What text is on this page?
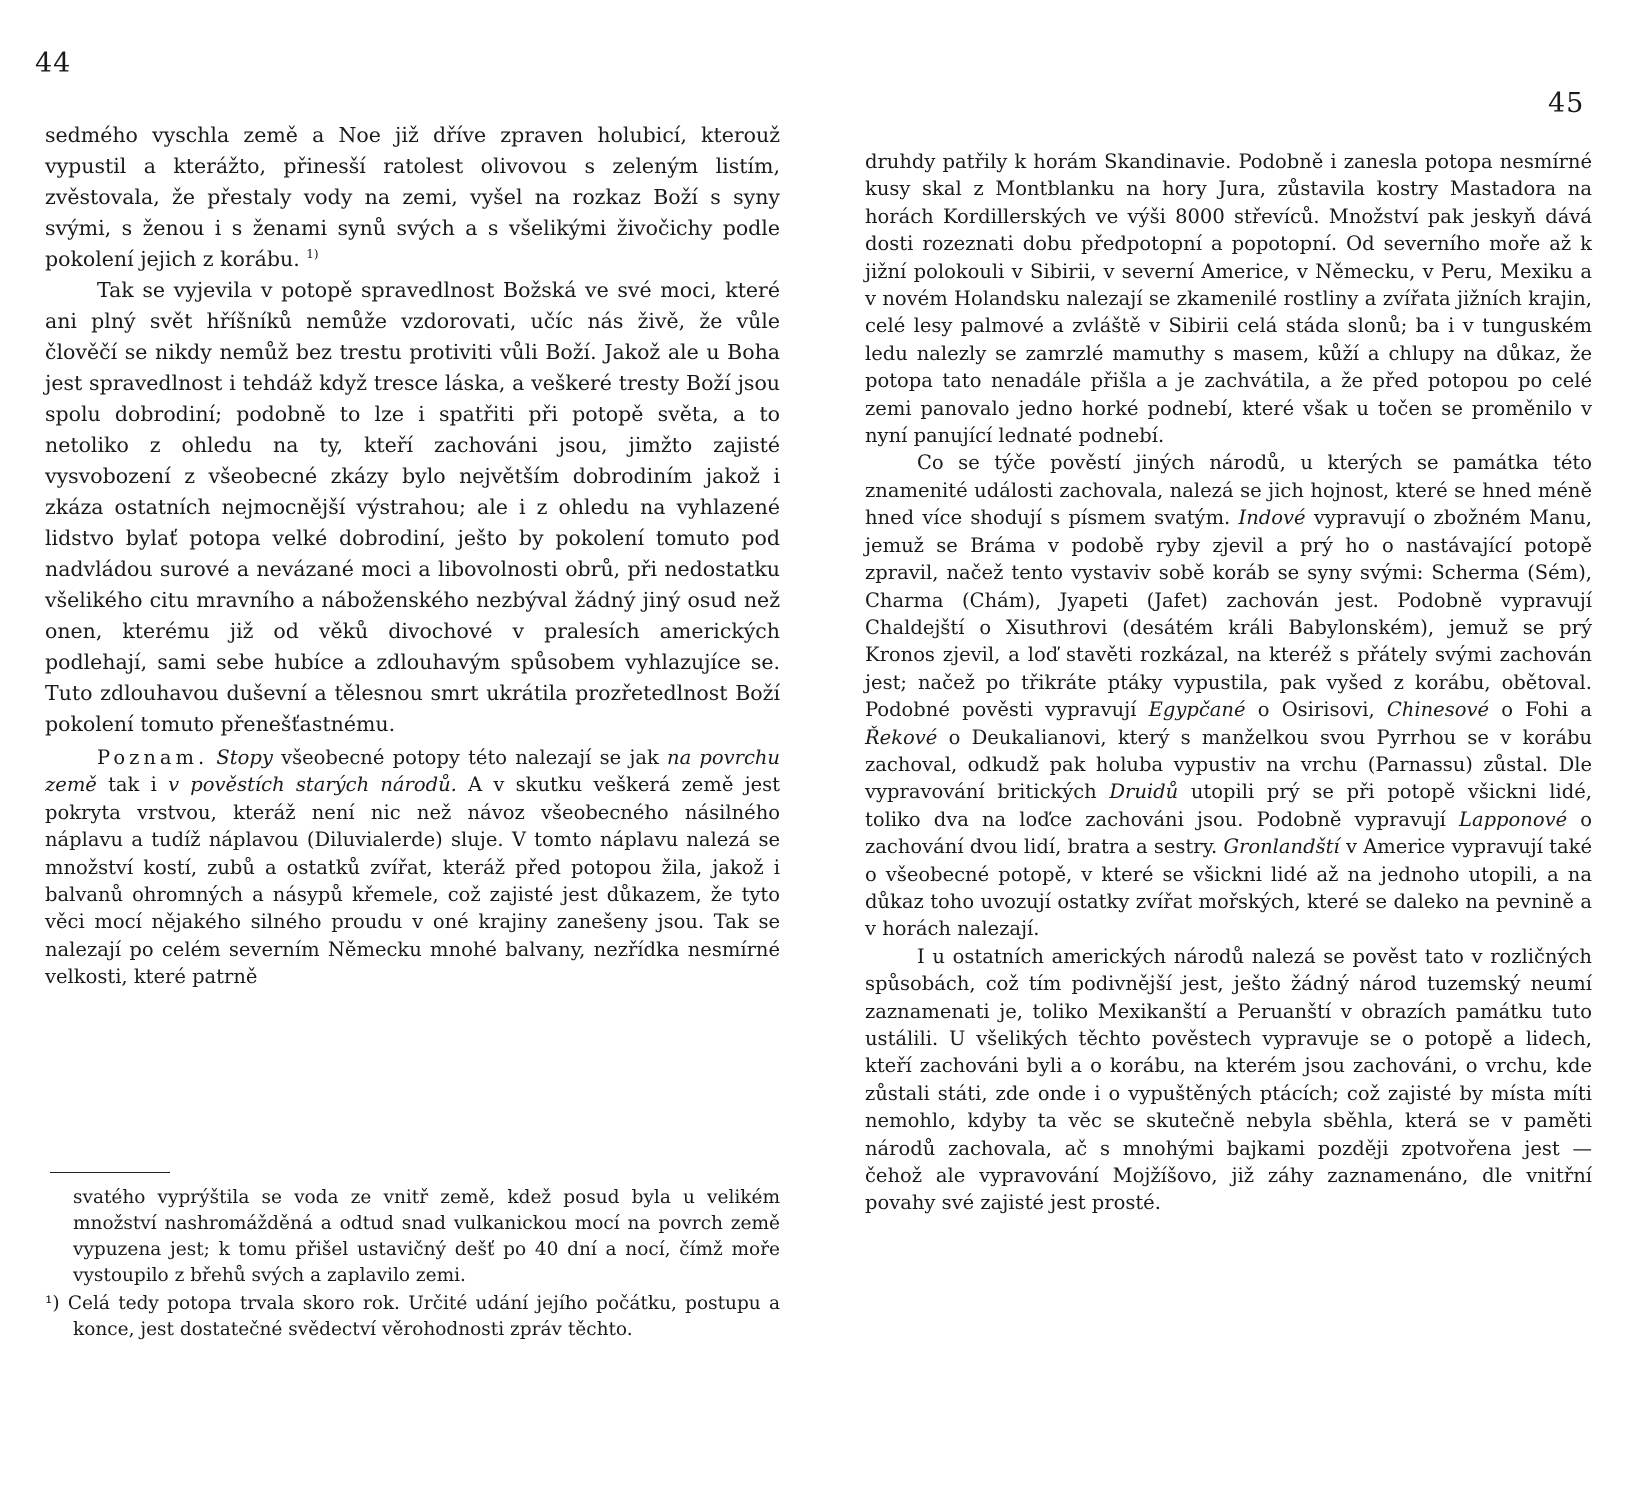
44

sedmého vyschla země a Noe již dříve zpraven holubicí, kterouž vypustil a kterážto, přinesší ratolest olivovou s zeleným listím, zvěstovala, že přestaly vody na zemi, vyšel na rozkaz Boží s syny svými, s ženou i s ženami synů svých a s všelikými živočichy podle pokolení jejich z korábu. $^{1)}$

Tak se vyjevila v potopě spravedlnost Božská ve své moci, které ani plný svět hříšníků nemůže vzdorovati, učíc nás živě, že vůle člověčí se nikdy nemůž bez trestu protiviti vůli Boží. Jakož ale u Boha jest spravedlnost i tehdáž když tresce láska, a veškeré tresty Boží jsou spolu dobrodiní; podobně to lze i spatřiti při potopě světa, a to netoliko z ohledu na ty, kteří zachováni jsou, jimžto zajisté vysvobození z všeobecné zkázy bylo největším dobrodiním jakož i zkáza ostatních nejmocnější výstrahou; ale i z ohledu na vyhlazené lidstvo bylať potopa velké dobrodiní, ješto by pokolení tomuto pod nadvládou surové a nevázané moci a libovolnosti obrů, při nedostatku všelikého citu mravního a náboženského nezbýval žádný jiný osud než onen, kterému již od věků divochové v pralesích amerických podlehají, sami sebe hubíce a zdlouhavým spůsobem vyhlazujíce se. Tuto zdlouhavou duševní a tělesnou smrt ukrátila prozřetedlnost Boží pokolení tomuto přenešťastnému.

Poznam. Stopy všeobecné potopy této nalezají se jak na povrchu země tak i v pověstích starých národů. A v skutku veškerá země jest pokryta vrstvou, kteráž není nic než návoz všeobecného násilného náplavu a tudíž náplavou (Diluvialerde) sluje. V tomto náplavu nalezá se množství kostí, zubů a ostatků zvířat, kteráž před potopou žila, jakož i balvanů ohromných a násypů křemele, což zajisté jest důkazem, že tyto věci mocí nějakého silného proudu v oné krajiny zanešeny jsou. Tak se nalezají po celém severním Německu mnohé balvany, nezřídka nesmírné velkosti, které patrně

svatého vyprýštila se voda ze vnitř země, kdež posud byla u velikém množství nashromážděná a odtud snad vulkanickou mocí na povrch země vypuzena jest; k tomu přišel ustavičný dešť po 40 dní a nocí, čímž moře vystoupilo z břehů svých a zaplavilo zemi.

¹) Celá tedy potopa trvala skoro rok. Určité udání jejího počátku, postupu a konce, jest dostatečné svědectví věrohodnosti zpráv těchto.

45

druhdy patřily k horám Skandinavie. Podobně i zanesla potopa nesmírné kusy skal z Montblanku na hory Jura, zůstavila kostry Mastadora na horách Kordillerských ve výši 8000 střevíců. Množství pak jeskyň dává dosti rozeznati dobu předpotopní a popotopní. Od severního moře až k jižní polokouli v Sibirii, v severní Americe, v Německu, v Peru, Mexiku a v novém Holandsku nalezají se zkamenilé rostliny a zvířata jižních krajin, celé lesy palmové a zvláště v Sibirii celá stáda slonů; ba i v tunguském ledu nalezly se zamrzlé mamuthy s masem, kůží a chlupy na důkaz, že potopa tato nenadále přišla a je zachvátila, a že před potopou po celé zemi panovalo jedno horké podnebí, které však u točen se proměnilo v nyní panující lednaté podnebí.

Co se týče pověstí jiných národů, u kterých se památka této znamenité události zachovala, nalezá se jich hojnost, které se hned méně hned více shodují s písmem svatým. Indové vypravují o zbožném Manu, jemuž se Bráma v podobě ryby zjevil a prý ho o nastávající potopě zpravil, načež tento vystaviv sobě koráb se syny svými: Scherma (Sém), Charma (Chám), Jyapeti (Jafet) zachován jest. Podobně vypravují Chaldejští o Xisuthrovi (desátém králi Babylonském), jemuž se prý Kronos zjevil, a loď stavěti rozkázal, na kteréž s přátely svými zachován jest; načež po třikráte ptáky vypustila, pak vyšed z korábu, obětoval. Podobné pověsti vypravují Egypčané o Osirisovi, Chinesové o Fohi a Řekové o Deukalianovi, který s manželkou svou Pyrrhou se v korábu zachoval, odkudž pak holuba vypustiv na vrchu (Parnassu) zůstal. Dle vypravování britických Druidů utopili prý se při potopě všickni lidé, toliko dva na loďce zachováni jsou. Podobně vypravují Lapponové o zachování dvou lidí, bratra a sestry. Gronlandští v Americe vypravují také o všeobecné potopě, v které se všickni lidé až na jednoho utopili, a na důkaz toho uvozují ostatky zvířat mořských, které se daleko na pevnině a v horách nalezají.

I u ostatních amerických národů nalezá se pověst tato v rozličných spůsobách, což tím podivnější jest, ješto žádný národ tuzemský neumí zaznamenati je, toliko Mexikanští a Peruanští v obrazích památku tuto ustálili. U všelikých těchto pověstech vypravuje se o potopě a lidech, kteří zachováni byli a o korábu, na kterém jsou zachováni, o vrchu, kde zůstali státi, zde onde i o vypuštěných ptácích; což zajisté by místa míti nemohlo, kdyby ta věc se skutečně nebyla sběhla, která se v paměti národů zachovala, ač s mnohými bajkami později zpotvořena jest — čehož ale vypravování Mojžíšovo, již záhy zaznamenáno, dle vnitřní povahy své zajisté jest prosté.
